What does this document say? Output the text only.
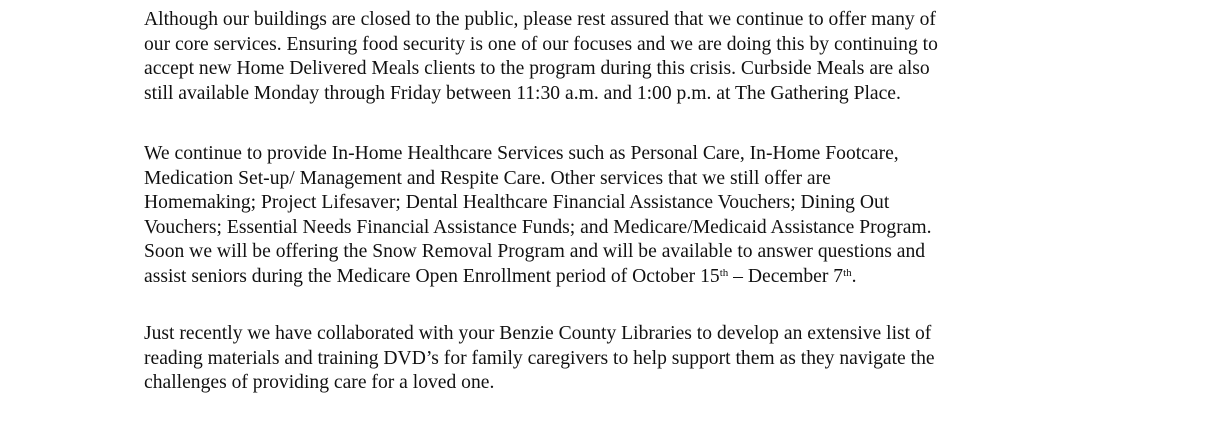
Although our buildings are closed to the public, please rest assured that we continue to offer many of
our core services. Ensuring food security is one of our focuses and we are doing this by continuing to
accept new Home Delivered Meals clients to the program during this crisis. Curbside Meals are also
still available Monday through Friday between 11:30 a.m. and 1:00 p.m. at The Gathering Place.

We continue to provide In-Home Healthcare Services such as Personal Care, In-Home Footcare,
Medication Set-up/ Management and Respite Care. Other services that we still offer are
Homemaking; Project Lifesaver; Dental Healthcare Financial Assistance Vouchers; Dining Out
Vouchers; Essential Needs Financial Assistance Funds; and Medicare/Medicaid Assistance Program.
Soon we will be offering the Snow Removal Program and will be available to answer questions and
assist seniors during the Medicare Open Enrollment period of October 15th – December 7th.

Just recently we have collaborated with your Benzie County Libraries to develop an extensive list of
reading materials and training DVD’s for family caregivers to help support them as they navigate the
challenges of providing care for a loved one.
